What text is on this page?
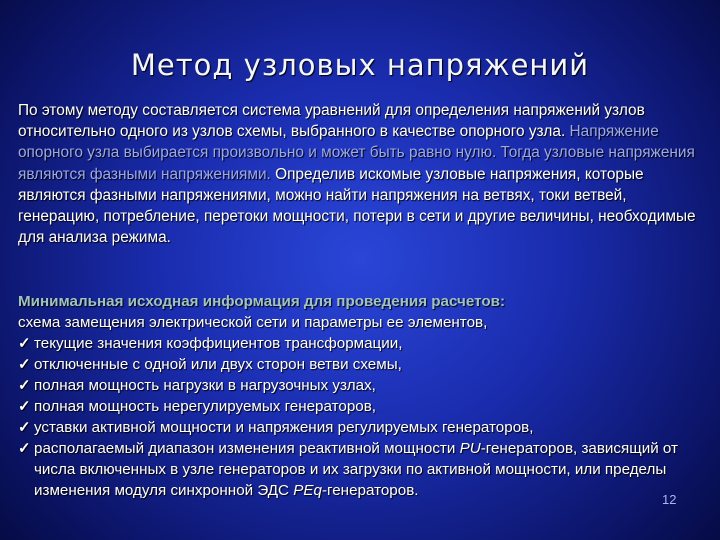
Метод узловых напряжений
По этому методу составляется система уравнений для определения напряжений узлов относительно одного из узлов схемы, выбранного в качестве опорного узла. Напряжение опорного узла выбирается произвольно и может быть равно нулю. Тогда узловые напряжения являются фазными напряжениями. Определив искомые узловые напряжения, которые являются фазными напряжениями, можно найти напряжения на ветвях, токи ветвей, генерацию, потребление, перетоки мощности, потери в сети и другие величины, необходимые для анализа режима.
Минимальная исходная информация для проведения расчетов:
схема замещения электрической сети и параметры ее элементов,
✓ текущие значения коэффициентов трансформации,
✓ отключенные с одной или двух сторон ветви схемы,
✓ полная мощность нагрузки в нагрузочных узлах,
✓ полная мощность нерегулируемых генераторов,
✓ уставки активной мощности и напряжения регулируемых генераторов,
✓ располагаемый диапазон изменения реактивной мощности PU-генераторов, зависящий от числа включенных в узле генераторов и их загрузки по активной мощности, или пределы изменения модуля синхронной ЭДС PEq-генераторов.
12
